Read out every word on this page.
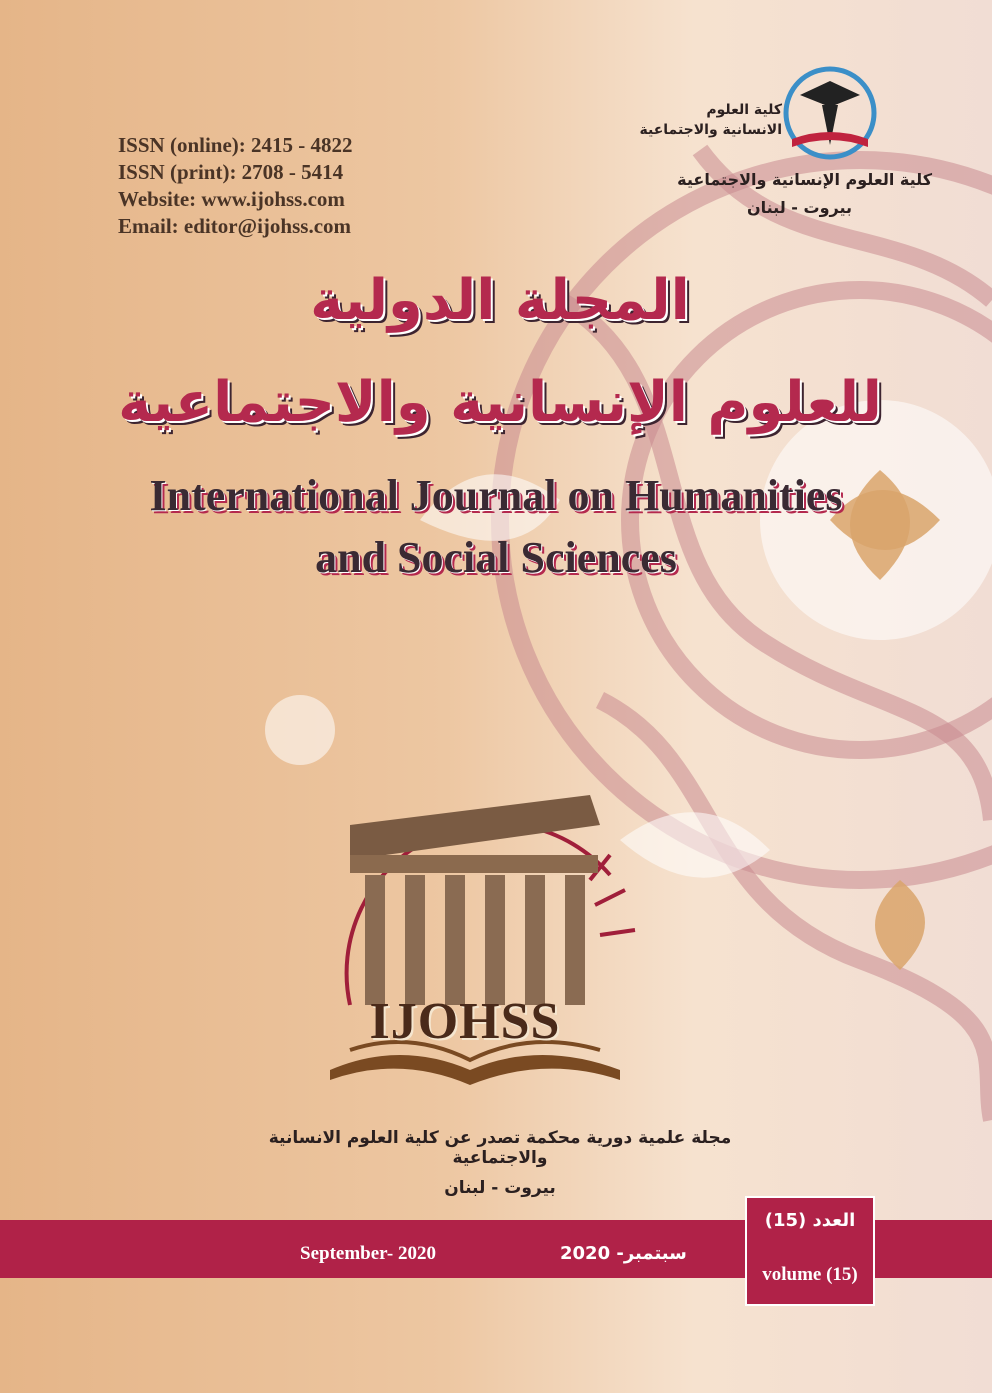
ISSN (online): 2415 - 4822
ISSN (print): 2708 - 5414
Website: www.ijohss.com
Email: editor@ijohss.com
كلية العلوم
الانسانية والاجتماعية
كلية العلوم الإنسانية والاجتماعية
بيروت - لبنان
المجلة الدولية
للعلوم الإنسانية والاجتماعية
International Journal on Humanities
and Social Sciences
IJOHSS
مجلة علمية دورية محكمة تصدر عن كلية العلوم الانسانية والاجتماعية
بيروت - لبنان
September- 2020	سبتمبر- 2020
العدد (15)
volume (15)
